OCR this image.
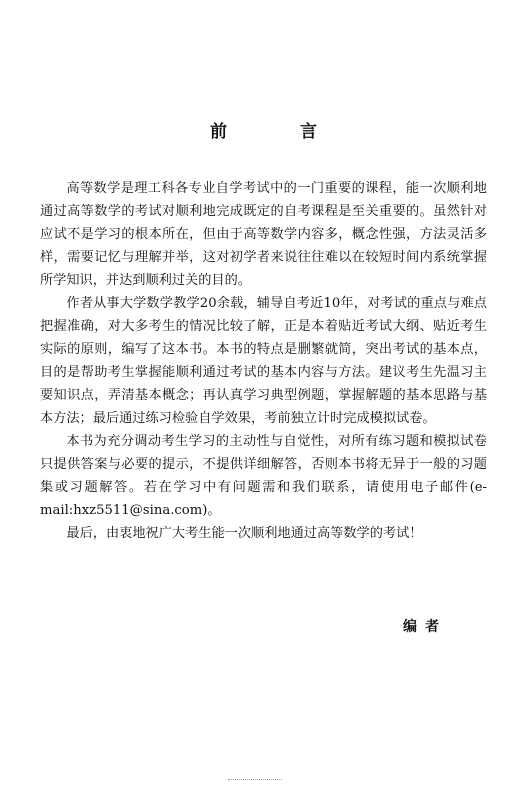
前　言

高等数学是理工科各专业自学考试中的一门重要的课程，能一次顺利地通过高等数学的考试对顺利地完成既定的自考课程是至关重要的。虽然针对应试不是学习的根本所在，但由于高等数学内容多，概念性强，方法灵活多样，需要记忆与理解并举，这对初学者来说往往难以在较短时间内系统掌握所学知识，并达到顺利过关的目的。

作者从事大学数学教学20余载，辅导自考近10年，对考试的重点与难点把握准确，对大多考生的情况比较了解，正是本着贴近考试大纲、贴近考生实际的原则，编写了这本书。本书的特点是删繁就简，突出考试的基本点，目的是帮助考生掌握能顺利通过考试的基本内容与方法。建议考生先温习主要知识点，弄清基本概念；再认真学习典型例题，掌握解题的基本思路与基本方法；最后通过练习检验自学效果，考前独立计时完成模拟试卷。

本书为充分调动考生学习的主动性与自觉性，对所有练习题和模拟试卷只提供答案与必要的提示，不提供详细解答，否则本书将无异于一般的习题集或习题解答。若在学习中有问题需和我们联系，请使用电子邮件(e-mail:hxz5511@sina.com)。

最后，由衷地祝广大考生能一次顺利地通过高等数学的考试！

编者
